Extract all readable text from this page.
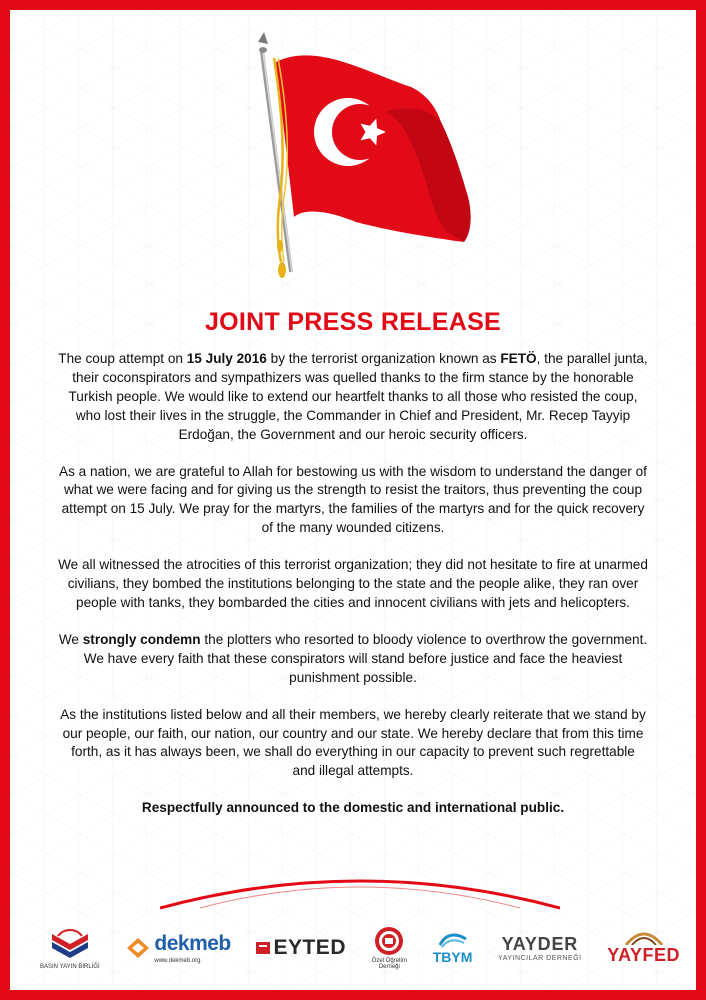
JOINT PRESS RELEASE

The coup attempt on 15 July 2016 by the terrorist organization known as FETÖ, the parallel junta, their coconspirators and sympathizers was quelled thanks to the firm stance by the honorable Turkish people. We would like to extend our heartfelt thanks to all those who resisted the coup, who lost their lives in the struggle, the Commander in Chief and President, Mr. Recep Tayyip Erdoğan, the Government and our heroic security officers.

As a nation, we are grateful to Allah for bestowing us with the wisdom to understand the danger of what we were facing and for giving us the strength to resist the traitors, thus preventing the coup attempt on 15 July. We pray for the martyrs, the families of the martyrs and for the quick recovery of the many wounded citizens.

We all witnessed the atrocities of this terrorist organization; they did not hesitate to fire at unarmed civilians, they bombed the institutions belonging to the state and the people alike, they ran over people with tanks, they bombarded the cities and innocent civilians with jets and helicopters.

We strongly condemn the plotters who resorted to bloody violence to overthrow the government. We have every faith that these conspirators will stand before justice and face the heaviest punishment possible.

As the institutions listed below and all their members, we hereby clearly reiterate that we stand by our people, our faith, our nation, our country and our state. We hereby declare that from this time forth, as it has always been, we shall do everything in our capacity to prevent such regrettable and illegal attempts.

Respectfully announced to the domestic and international public.

BASIN YAYIN BİRLİĞİ
dekmeb
www.dekmeb.org
EYTED
Özel Öğretim
Derneği
TBYM
YAYDER
YAYINCILAR DERNEĞİ YAYFED
